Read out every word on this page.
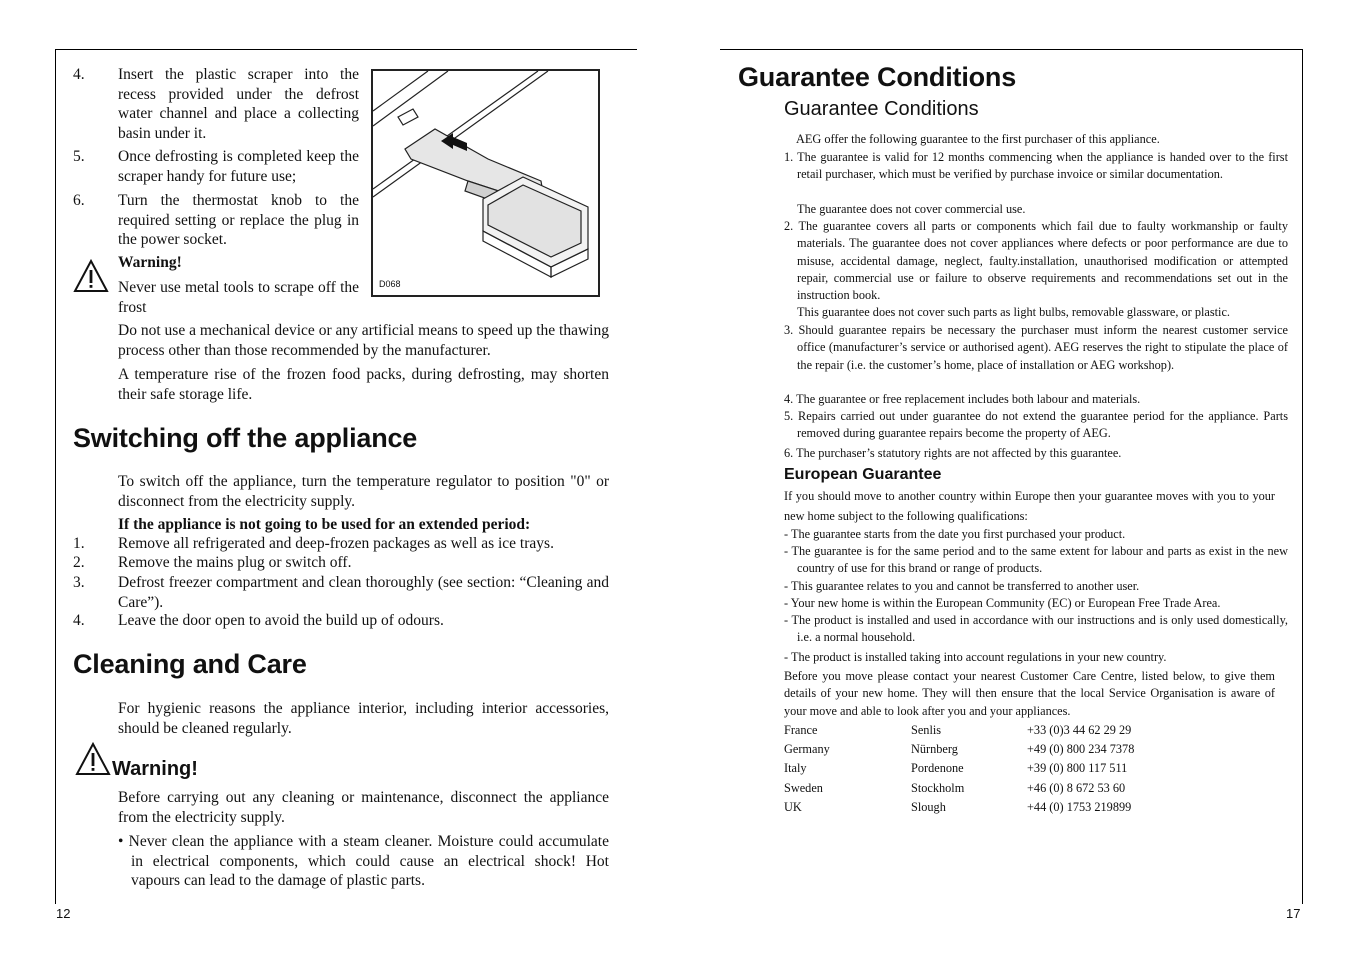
4. Insert the plastic scraper into the recess provided under the defrost water channel and place a collecting basin under it.
5. Once defrosting is completed keep the scraper handy for future use;
6. Turn the thermostat knob to the required setting or replace the plug in the power socket.
Warning!
Never use metal tools to scrape off the frost
D068
Do not use a mechanical device or any artificial means to speed up the thawing process other than those recommended by the manufacturer.
A temperature rise of the frozen food packs, during defrosting, may shorten their safe storage life.
Switching off the appliance
To switch off the appliance, turn the temperature regulator to position "0" or disconnect from the electricity supply.
If the appliance is not going to be used for an extended period:
1. Remove all refrigerated and deep-frozen packages as well as ice trays.
2. Remove the mains plug or switch off.
3. Defrost freezer compartment and clean thoroughly (see section: “Cleaning and Care”).
4. Leave the door open to avoid the build up of odours.
Cleaning and Care
For hygienic reasons the appliance interior, including interior accessories, should be cleaned regularly.
Warning!
Before carrying out any cleaning or maintenance, disconnect the appliance from the electricity supply.
• Never clean the appliance with a steam cleaner. Moisture could accumulate in electrical components, which could cause an electrical shock! Hot vapours can lead to the damage of plastic parts.
12
Guarantee Conditions
Guarantee Conditions
AEG offer the following guarantee to the first purchaser of this appliance.
1. The guarantee is valid for 12 months commencing when the appliance is handed over to the first retail purchaser, which must be verified by purchase invoice or similar documentation.
The guarantee does not cover commercial use.
2. The guarantee covers all parts or components which fail due to faulty workmanship or faulty materials. The guarantee does not cover appliances where defects or poor performance are due to misuse, accidental damage, neglect, faulty.installation, unauthorised modification or attempted repair, commercial use or failure to observe requirements and recommendations set out in the instruction book.
This guarantee does not cover such parts as light bulbs, removable glassware, or plastic.
3. Should guarantee repairs be necessary the purchaser must inform the nearest customer service office (manufacturer’s service or authorised agent). AEG reserves the right to stipulate the place of the repair (i.e. the customer’s home, place of installation or AEG workshop).
4. The guarantee or free replacement includes both labour and materials.
5. Repairs carried out under guarantee do not extend the guarantee period for the appliance. Parts removed during guarantee repairs become the property of AEG.
6. The purchaser’s statutory rights are not affected by this guarantee.
European Guarantee
If you should move to another country within Europe then your guarantee moves with you to your new home subject to the following qualifications:
- The guarantee starts from the date you first purchased your product.
- The guarantee is for the same period and to the same extent for labour and parts as exist in the new country of use for this brand or range of products.
- This guarantee relates to you and cannot be transferred to another user.
- Your new home is within the European Community (EC) or European Free Trade Area.
- The product is installed and used in accordance with our instructions and is only used domestically, i.e. a normal household.
- The product is installed taking into account regulations in your new country.
Before you move please contact your nearest Customer Care Centre, listed below, to give them details of your new home. They will then ensure that the local Service Organisation is aware of your move and able to look after you and your appliances.
France	Senlis	+33 (0)3 44 62 29 29
Germany	Nürnberg	+49 (0) 800 234 7378
Italy	Pordenone	+39 (0) 800 117 511
Sweden	Stockholm	+46 (0) 8 672 53 60
UK	Slough	+44 (0) 1753 219899
17
